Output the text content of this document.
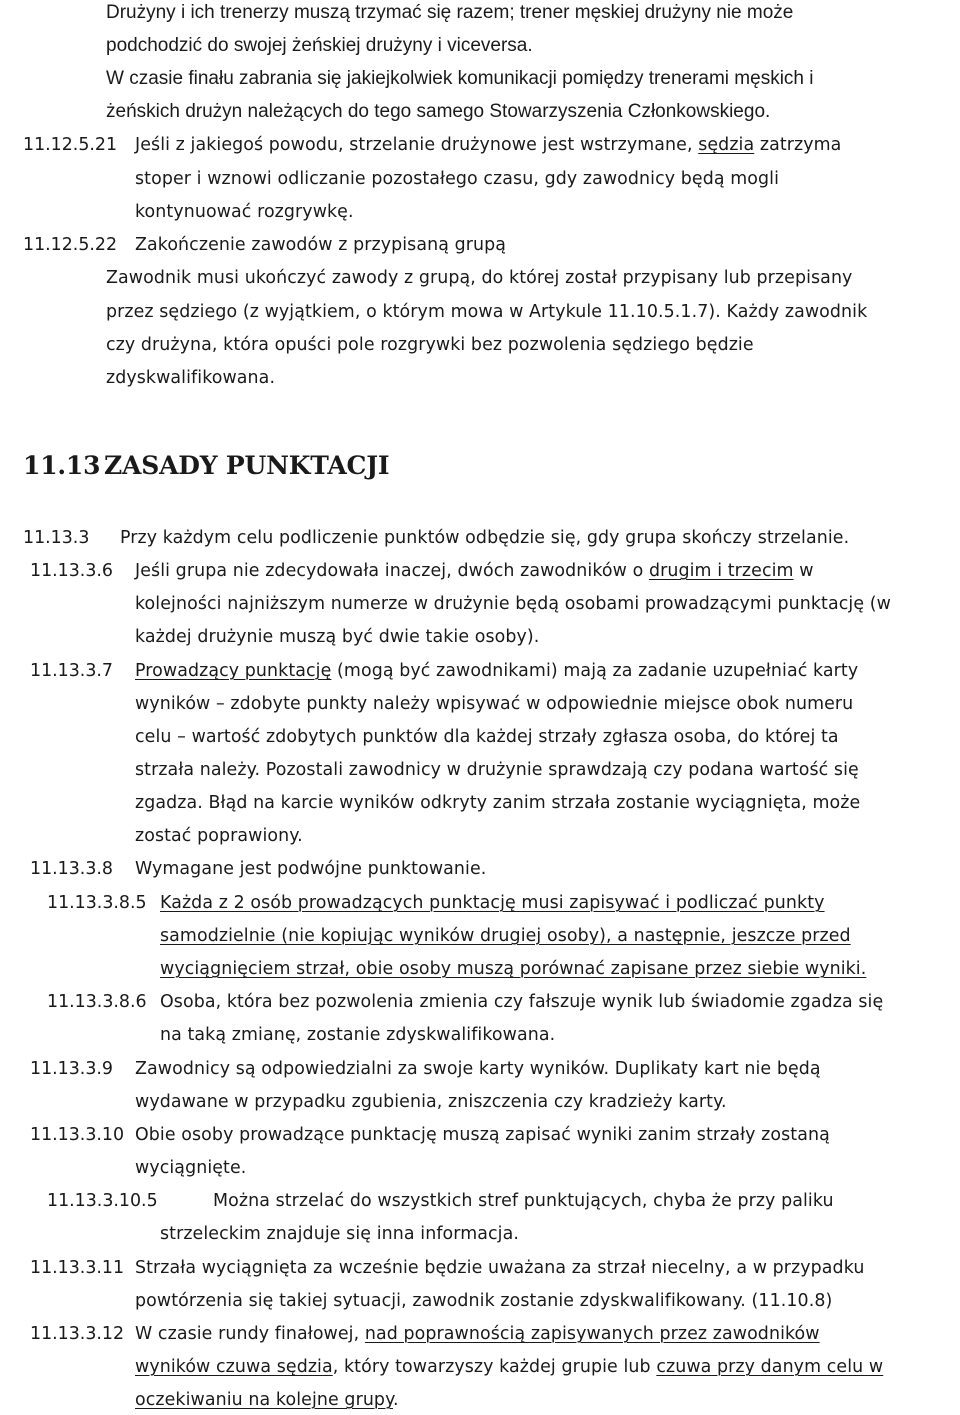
Drużyny i ich trenerzy muszą trzymać się razem; trener męskiej drużyny nie może
podchodzić do swojej żeńskiej drużyny i viceversa.
W czasie finału zabrania się jakiejkolwiek komunikacji pomiędzy trenerami męskich i
żeńskich drużyn należących do tego samego Stowarzyszenia Członkowskiego.
11.12.5.21 Jeśli z jakiegoś powodu, strzelanie drużynowe jest wstrzymane, sędzia zatrzyma
stoper i wznowi odliczanie pozostałego czasu, gdy zawodnicy będą mogli
kontynuować rozgrywkę.
11.12.5.22 Zakończenie zawodów z przypisaną grupą
Zawodnik musi ukończyć zawody z grupą, do której został przypisany lub przepisany
przez sędziego (z wyjątkiem, o którym mowa w Artykule 11.10.5.1.7). Każdy zawodnik
czy drużyna, która opuści pole rozgrywki bez pozwolenia sędziego będzie
zdyskwalifikowana.
11.13 ZASADY PUNKTACJI
11.13.3 Przy każdym celu podliczenie punktów odbędzie się, gdy grupa skończy strzelanie.
11.13.3.6 Jeśli grupa nie zdecydowała inaczej, dwóch zawodników o drugim i trzecim w
kolejności najniższym numerze w drużynie będą osobami prowadzącymi punktację (w
każdej drużynie muszą być dwie takie osoby).
11.13.3.7 Prowadzący punktację (mogą być zawodnikami) mają za zadanie uzupełniać karty
wyników – zdobyte punkty należy wpisywać w odpowiednie miejsce obok numeru
celu – wartość zdobytych punktów dla każdej strzały zgłasza osoba, do której ta
strzała należy. Pozostali zawodnicy w drużynie sprawdzają czy podana wartość się
zgadza. Błąd na karcie wyników odkryty zanim strzała zostanie wyciągnięta, może
zostać poprawiony.
11.13.3.8 Wymagane jest podwójne punktowanie.
11.13.3.8.5 Każda z 2 osób prowadzących punktację musi zapisywać i podliczać punkty
samodzielnie (nie kopiując wyników drugiej osoby), a następnie, jeszcze przed
wyciągnięciem strzał, obie osoby muszą porównać zapisane przez siebie wyniki.
11.13.3.8.6 Osoba, która bez pozwolenia zmienia czy fałszuje wynik lub świadomie zgadza się
na taką zmianę, zostanie zdyskwalifikowana.
11.13.3.9 Zawodnicy są odpowiedzialni za swoje karty wyników. Duplikaty kart nie będą
wydawane w przypadku zgubienia, zniszczenia czy kradzieży karty.
11.13.3.10 Obie osoby prowadzące punktację muszą zapisać wyniki zanim strzały zostaną
wyciągnięte.
11.13.3.10.5	Można strzelać do wszystkich stref punktujących, chyba że przy paliku
strzeleckim znajduje się inna informacja.
11.13.3.11 Strzała wyciągnięta za wcześnie będzie uważana za strzał niecelny, a w przypadku
powtórzenia się takiej sytuacji, zawodnik zostanie zdyskwalifikowany. (11.10.8)
11.13.3.12 W czasie rundy finałowej, nad poprawnością zapisywanych przez zawodników
wyników czuwa sędzia, który towarzyszy każdej grupie lub czuwa przy danym celu w
oczekiwaniu na kolejne grupy.
